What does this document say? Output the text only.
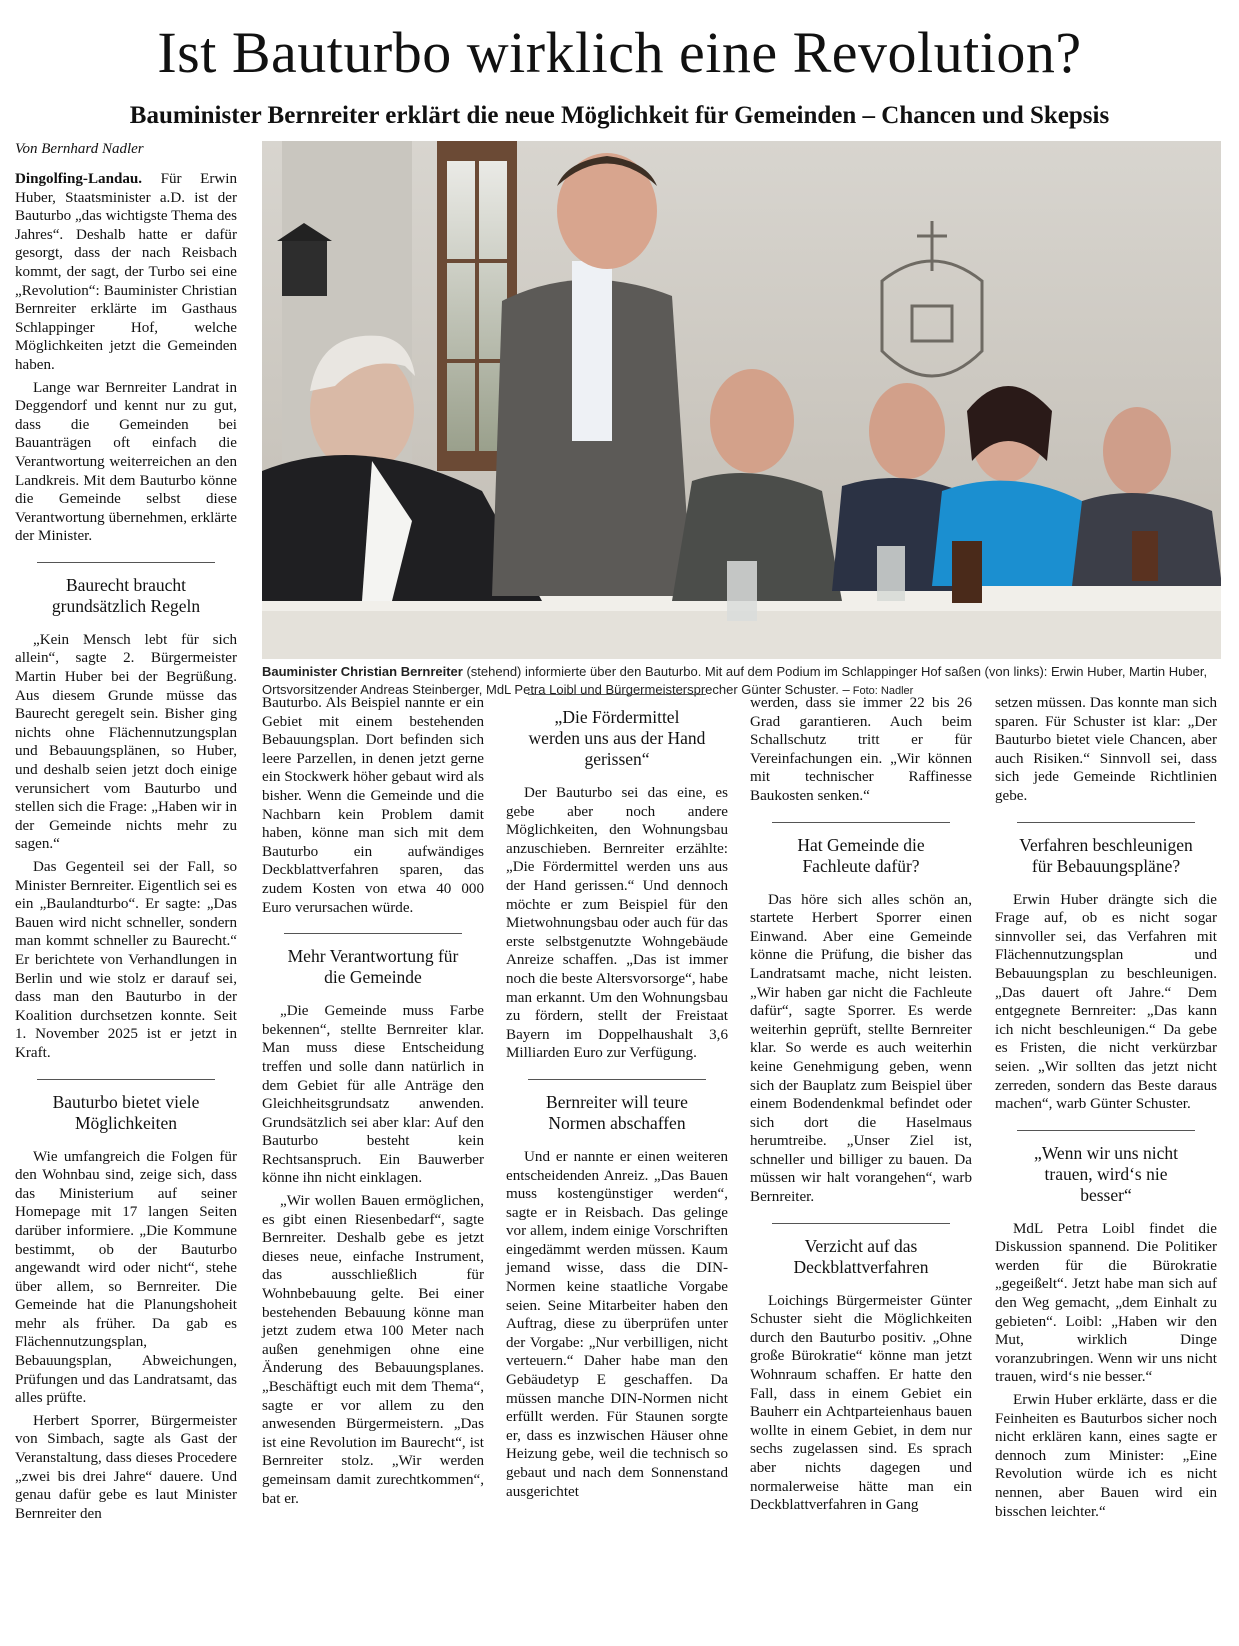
Ist Bauturbo wirklich eine Revolution?
Bauminister Bernreiter erklärt die neue Möglichkeit für Gemeinden – Chancen und Skepsis
Von Bernhard Nadler
Bauminister Christian Bernreiter (stehend) informierte über den Bauturbo. Mit auf dem Podium im Schlappinger Hof saßen (von links): Erwin Huber, Martin Huber, Ortsvorsitzender Andreas Steinberger, MdL Petra Loibl und Bürgermeistersprecher Günter Schuster. – Foto: Nadler

Dingolfing-Landau. Für Erwin Huber, Staatsminister a.D. ist der Bauturbo „das wichtigste Thema des Jahres“. Deshalb hatte er dafür gesorgt, dass der nach Reisbach kommt, der sagt, der Turbo sei eine „Revolution“: Bauminister Christian Bernreiter erklärte im Gasthaus Schlappinger Hof, welche Möglichkeiten jetzt die Gemeinden haben.

Lange war Bernreiter Landrat in Deggendorf und kennt nur zu gut, dass die Gemeinden bei Bauanträgen oft einfach die Verantwortung weiterreichen an den Landkreis. Mit dem Bauturbo könne die Gemeinde selbst diese Verantwortung übernehmen, erklärte der Minister.

Baurecht braucht grundsätzlich Regeln

„Kein Mensch lebt für sich allein“, sagte 2. Bürgermeister Martin Huber bei der Begrüßung. Aus diesem Grunde müsse das Baurecht geregelt sein. Bisher ging nichts ohne Flächennutzungsplan und Bebauungsplänen, so Huber, und deshalb seien jetzt doch einige verunsichert vom Bauturbo und stellen sich die Frage: „Haben wir in der Gemeinde nichts mehr zu sagen.“

Das Gegenteil sei der Fall, so Minister Bernreiter. Eigentlich sei es ein „Baulandturbo“. Er sagte: „Das Bauen wird nicht schneller, sondern man kommt schneller zu Baurecht.“ Er berichtete von Verhandlungen in Berlin und wie stolz er darauf sei, dass man den Bauturbo in der Koalition durchsetzen konnte. Seit 1. November 2025 ist er jetzt in Kraft.

Bauturbo bietet viele Möglichkeiten

Wie umfangreich die Folgen für den Wohnbau sind, zeige sich, dass das Ministerium auf seiner Homepage mit 17 langen Seiten darüber informiere. „Die Kommune bestimmt, ob der Bauturbo angewandt wird oder nicht“, stehe über allem, so Bernreiter. Die Gemeinde hat die Planungshoheit mehr als früher. Da gab es Flächennutzungsplan, Bebauungsplan, Abweichungen, Prüfungen und das Landratsamt, das alles prüfte.

Herbert Sporrer, Bürgermeister von Simbach, sagte als Gast der Veranstaltung, dass dieses Procedere „zwei bis drei Jahre“ dauere. Und genau dafür gebe es laut Minister Bernreiter den

Bauturbo. Als Beispiel nannte er ein Gebiet mit einem bestehenden Bebauungsplan. Dort befinden sich leere Parzellen, in denen jetzt gerne ein Stockwerk höher gebaut wird als bisher. Wenn die Gemeinde und die Nachbarn kein Problem damit haben, könne man sich mit dem Bauturbo ein aufwändiges Deckblattverfahren sparen, das zudem Kosten von etwa 40 000 Euro verursachen würde.

Mehr Verantwortung für die Gemeinde

„Die Gemeinde muss Farbe bekennen“, stellte Bernreiter klar. Man muss diese Entscheidung treffen und solle dann natürlich in dem Gebiet für alle Anträge den Gleichheitsgrundsatz anwenden. Grundsätzlich sei aber klar: Auf den Bauturbo besteht kein Rechtsanspruch. Ein Bauwerber könne ihn nicht einklagen.

„Wir wollen Bauen ermöglichen, es gibt einen Riesenbedarf“, sagte Bernreiter. Deshalb gebe es jetzt dieses neue, einfache Instrument, das ausschließlich für Wohnbebauung gelte. Bei einer bestehenden Bebauung könne man jetzt zudem etwa 100 Meter nach außen genehmigen ohne eine Änderung des Bebauungsplanes. „Beschäftigt euch mit dem Thema“, sagte er vor allem zu den anwesenden Bürgermeistern. „Das ist eine Revolution im Baurecht“, ist Bernreiter stolz. „Wir werden gemeinsam damit zurechtkommen“, bat er.

„Die Fördermittel werden uns aus der Hand gerissen“

Der Bauturbo sei das eine, es gebe aber noch andere Möglichkeiten, den Wohnungsbau anzuschieben. Bernreiter erzählte: „Die Fördermittel werden uns aus der Hand gerissen.“ Und dennoch möchte er zum Beispiel für den Mietwohnungsbau oder auch für das erste selbstgenutzte Wohngebäude Anreize schaffen. „Das ist immer noch die beste Altersvorsorge“, habe man erkannt. Um den Wohnungsbau zu fördern, stellt der Freistaat Bayern im Doppelhaushalt 3,6 Milliarden Euro zur Verfügung.

Bernreiter will teure Normen abschaffen

Und er nannte er einen weiteren entscheidenden Anreiz. „Das Bauen muss kostengünstiger werden“, sagte er in Reisbach. Das gelinge vor allem, indem einige Vorschriften eingedämmt werden müssen. Kaum jemand wisse, dass die DIN-Normen keine staatliche Vorgabe seien. Seine Mitarbeiter haben den Auftrag, diese zu überprüfen unter der Vorgabe: „Nur verbilligen, nicht verteuern.“ Daher habe man den Gebäudetyp E geschaffen. Da müssen manche DIN-Normen nicht erfüllt werden. Für Staunen sorgte er, dass es inzwischen Häuser ohne Heizung gebe, weil die technisch so gebaut und nach dem Sonnenstand ausgerichtet

werden, dass sie immer 22 bis 26 Grad garantieren. Auch beim Schallschutz tritt er für Vereinfachungen ein. „Wir können mit technischer Raffinesse Baukosten senken.“

Hat Gemeinde die Fachleute dafür?

Das höre sich alles schön an, startete Herbert Sporrer einen Einwand. Aber eine Gemeinde könne die Prüfung, die bisher das Landratsamt mache, nicht leisten. „Wir haben gar nicht die Fachleute dafür“, sagte Sporrer. Es werde weiterhin geprüft, stellte Bernreiter klar. So werde es auch weiterhin keine Genehmigung geben, wenn sich der Bauplatz zum Beispiel über einem Bodendenkmal befindet oder sich dort die Haselmaus herumtreibe. „Unser Ziel ist, schneller und billiger zu bauen. Da müssen wir halt vorangehen“, warb Bernreiter.

Verzicht auf das Deckblattverfahren

Loichings Bürgermeister Günter Schuster sieht die Möglichkeiten durch den Bauturbo positiv. „Ohne große Bürokratie“ könne man jetzt Wohnraum schaffen. Er hatte den Fall, dass in einem Gebiet ein Bauherr ein Achtparteienhaus bauen wollte in einem Gebiet, in dem nur sechs zugelassen sind. Es sprach aber nichts dagegen und normalerweise hätte man ein Deckblattverfahren in Gang

setzen müssen. Das konnte man sich sparen. Für Schuster ist klar: „Der Bauturbo bietet viele Chancen, aber auch Risiken.“ Sinnvoll sei, dass sich jede Gemeinde Richtlinien gebe.

Verfahren beschleunigen für Bebauungspläne?

Erwin Huber drängte sich die Frage auf, ob es nicht sogar sinnvoller sei, das Verfahren mit Flächennutzungsplan und Bebauungsplan zu beschleunigen. „Das dauert oft Jahre.“ Dem entgegnete Bernreiter: „Das kann ich nicht beschleunigen.“ Da gebe es Fristen, die nicht verkürzbar seien. „Wir sollten das jetzt nicht zerreden, sondern das Beste daraus machen“, warb Günter Schuster.

„Wenn wir uns nicht trauen, wird‘s nie besser“

MdL Petra Loibl findet die Diskussion spannend. Die Politiker werden für die Bürokratie „gegeißelt“. Jetzt habe man sich auf den Weg gemacht, „dem Einhalt zu gebieten“. Loibl: „Haben wir den Mut, wirklich Dinge voranzubringen. Wenn wir uns nicht trauen, wird‘s nie besser.“

Erwin Huber erklärte, dass er die Feinheiten es Bauturbos sicher noch nicht erklären kann, eines sagte er dennoch zum Minister: „Eine Revolution würde ich es nicht nennen, aber Bauen wird ein bisschen leichter.“
